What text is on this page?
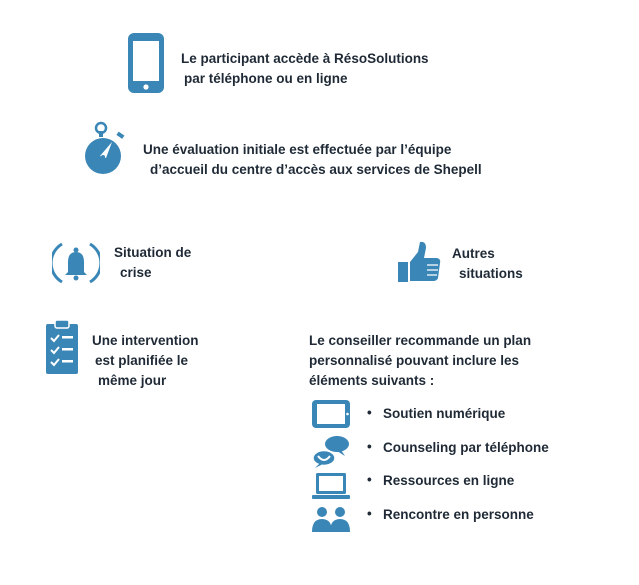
Le participant accède à RésoSolutions
par téléphone ou en ligne
Une évaluation initiale est effectuée par l’équipe
d’accueil du centre d’accès aux services de Shepell
Situation de
crise
Autres
situations
Une intervention
est planifiée le
même jour
Le conseiller recommande un plan
personnalisé pouvant inclure les
éléments suivants :
• Soutien numérique
• Counseling par téléphone
• Ressources en ligne
• Rencontre en personne
